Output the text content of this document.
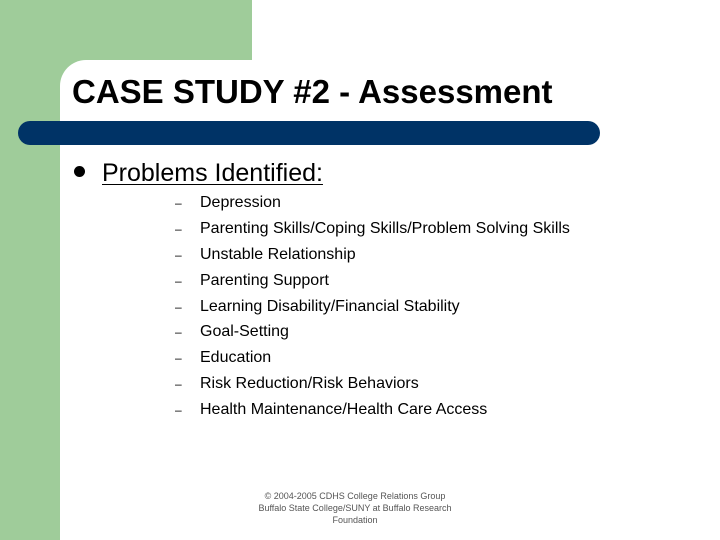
CASE STUDY #2 - Assessment
Problems Identified:
– Depression
– Parenting Skills/Coping Skills/Problem Solving Skills
– Unstable Relationship
– Parenting Support
– Learning Disability/Financial Stability
– Goal-Setting
– Education
– Risk Reduction/Risk Behaviors
– Health Maintenance/Health Care Access
© 2004-2005 CDHS College Relations Group
Buffalo State College/SUNY at Buffalo Research
Foundation
